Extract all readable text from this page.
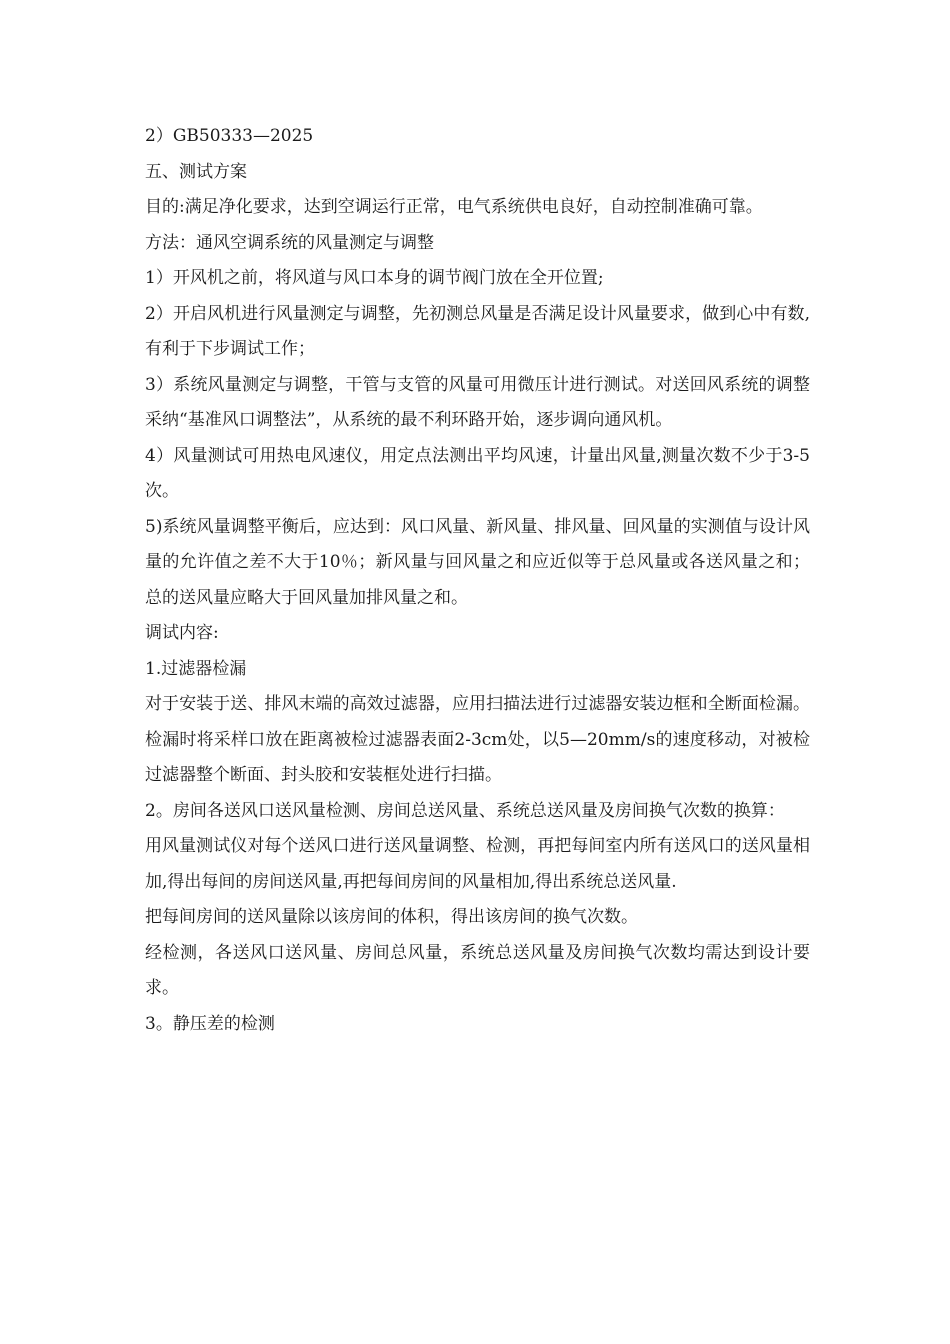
2）GB50333—2025

五、测试方案

目的:满足净化要求，达到空调运行正常，电气系统供电良好，自动控制准确可靠。

方法：通风空调系统的风量测定与调整

1）开风机之前，将风道与风口本身的调节阀门放在全开位置;

2）开启风机进行风量测定与调整，先初测总风量是否满足设计风量要求，做到心中有数,有利于下步调试工作；

3）系统风量测定与调整，干管与支管的风量可用微压计进行测试。对送回风系统的调整采纳“基准风口调整法”，从系统的最不利环路开始，逐步调向通风机。

4）风量测试可用热电风速仪，用定点法测出平均风速，计量出风量,测量次数不少于3-5次。

5)系统风量调整平衡后，应达到：风口风量、新风量、排风量、回风量的实测值与设计风量的允许值之差不大于10％；新风量与回风量之和应近似等于总风量或各送风量之和；总的送风量应略大于回风量加排风量之和。

调试内容:

1.过滤器检漏

对于安装于送、排风末端的高效过滤器，应用扫描法进行过滤器安装边框和全断面检漏。检漏时将采样口放在距离被检过滤器表面2-3cm处，以5—20mm/s的速度移动，对被检过滤器整个断面、封头胶和安装框处进行扫描。

2。房间各送风口送风量检测、房间总送风量、系统总送风量及房间换气次数的换算：

用风量测试仪对每个送风口进行送风量调整、检测，再把每间室内所有送风口的送风量相加,得出每间的房间送风量,再把每间房间的风量相加,得出系统总送风量.

把每间房间的送风量除以该房间的体积，得出该房间的换气次数。

经检测，各送风口送风量、房间总风量，系统总送风量及房间换气次数均需达到设计要求。

3。静压差的检测
